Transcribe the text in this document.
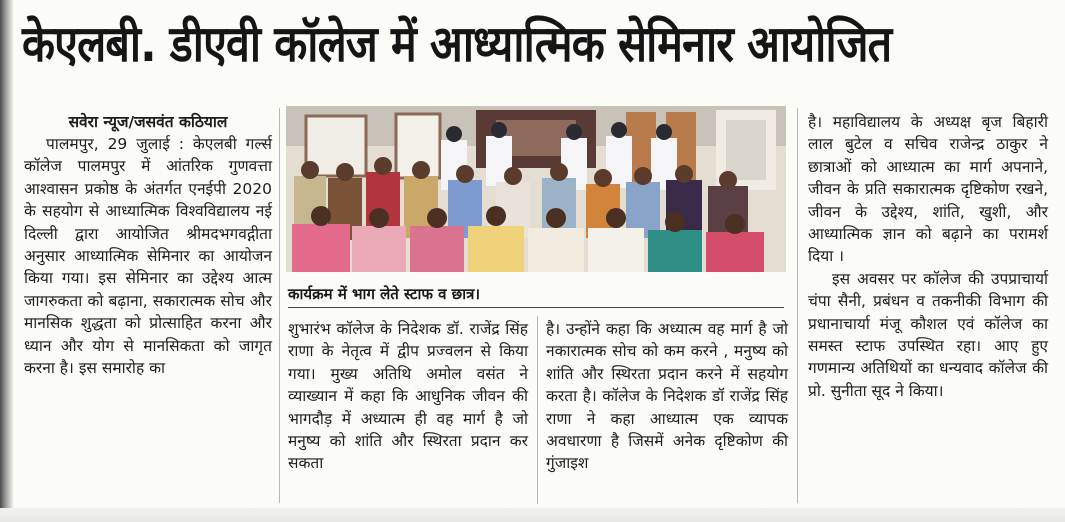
केएलबी. डीएवी कॉलेज में आध्यात्मिक सेमिनार आयोजित
सवेरा न्यूज/जसवंत कठियाल

पालमपुर, 29 जुलाई : केएलबी गर्ल्स कॉलेज पालमपुर में आंतरिक गुणवत्ता आश्वासन प्रकोष्ठ के अंतर्गत एनईपी 2020 के सहयोग से आध्यात्मिक विश्वविद्यालय नई दिल्ली द्वारा आयोजित श्रीमदभगवद्गीता अनुसार आध्यात्मिक सेमिनार का आयोजन किया गया। इस सेमिनार का उद्देश्य आत्म जागरुकता को बढ़ाना, सकारात्मक सोच और मानसिक शुद्धता को प्रोत्साहित करना और ध्यान और योग से मानसिकता को जागृत करना है। इस समारोह का

कार्यक्रम में भाग लेते स्टाफ व छात्र।

शुभारंभ कॉलेज के निदेशक डॉ. राजेंद्र सिंह राणा के नेतृत्व में द्वीप प्रज्वलन से किया गया। मुख्य अतिथि अमोल वसंत ने व्याख्यान में कहा कि आधुनिक जीवन की भागदौड़ में अध्यात्म ही वह मार्ग है जो मनुष्य को शांति और स्थिरता प्रदान कर सकता

है। उन्होंने कहा कि अध्यात्म वह मार्ग है जो नकारात्मक सोच को कम करने , मनुष्य को शांति और स्थिरता प्रदान करने में सहयोग करता है। कॉलेज के निदेशक डॉ राजेंद्र सिंह राणा ने कहा आध्यात्म एक व्यापक अवधारणा है जिसमें अनेक दृष्टिकोण की गुंजाइश

है। महाविद्यालय के अध्यक्ष बृज बिहारी लाल बुटेल व सचिव राजेन्द्र ठाकुर ने छात्राओं को आध्यात्म का मार्ग अपनाने, जीवन के प्रति सकारात्मक दृष्टिकोण रखने, जीवन के उद्देश्य, शांति, खुशी, और आध्यात्मिक ज्ञान को बढ़ाने का परामर्श दिया ।

इस अवसर पर कॉलेज की उपप्राचार्या चंपा सैनी, प्रबंधन व तकनीकी विभाग की प्रधानाचार्या मंजू कौशल एवं कॉलेज का समस्त स्टाफ उपस्थित रहा। आए हुए गणमान्य अतिथियों का धन्यवाद कॉलेज की प्रो. सुनीता सूद ने किया।
